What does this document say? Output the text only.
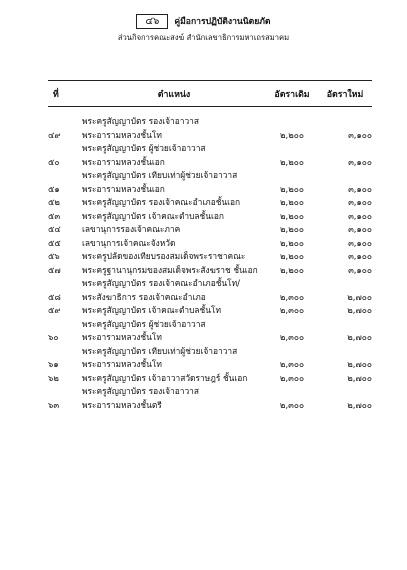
๔๖	คู่มือการปฏิบัติงานนิตยภัต
ส่วนกิจการคณะสงฆ์ สำนักเลขาธิการมหาเถรสมาคม
ที่	ตำแหน่ง	อัตราเดิม	อัตราใหม่

๔๙	พระครูสัญญาบัตร รองเจ้าอาวาส
พระอารามหลวงชั้นโท	๒,๒๐๐	๓,๑๐๐
๕๐	พระครูสัญญาบัตร ผู้ช่วยเจ้าอาวาส
พระอารามหลวงชั้นเอก	๒,๒๐๐	๓,๑๐๐
๕๑	พระครูสัญญาบัตร เทียบเท่าผู้ช่วยเจ้าอาวาส
พระอารามหลวงชั้นเอก	๒,๒๐๐	๓,๑๐๐
๕๒	พระครูสัญญาบัตร รองเจ้าคณะอำเภอชั้นเอก	๒,๒๐๐	๓,๑๐๐
๕๓	พระครูสัญญาบัตร เจ้าคณะตำบลชั้นเอก	๒,๒๐๐	๓,๑๐๐
๕๔	เลขานุการรองเจ้าคณะภาค	๒,๒๐๐	๓,๑๐๐
๕๕	เลขานุการเจ้าคณะจังหวัด	๒,๒๐๐	๓,๑๐๐
๕๖	พระครูปลัดของเทียบรองสมเด็จพระราชาคณะ	๒,๒๐๐	๓,๑๐๐
๕๗	พระครูฐานานุกรมของสมเด็จพระสังฆราช ชั้นเอก	๒,๒๐๐	๓,๑๐๐
๕๘	พระครูสัญญาบัตร รองเจ้าคณะอำเภอชั้นโท/
พระสังฆาธิการ รองเจ้าคณะอำเภอ	๒,๓๐๐	๒,๗๐๐
๕๙	พระครูสัญญาบัตร เจ้าคณะตำบลชั้นโท	๒,๓๐๐	๒,๗๐๐
๖๐	พระครูสัญญาบัตร ผู้ช่วยเจ้าอาวาส
พระอารามหลวงชั้นโท	๒,๓๐๐	๒,๗๐๐
๖๑	พระครูสัญญาบัตร เทียบเท่าผู้ช่วยเจ้าอาวาส
พระอารามหลวงชั้นโท	๒,๓๐๐	๒,๗๐๐
๖๒	พระครูสัญญาบัตร เจ้าอาวาสวัดราษฎร์ ชั้นเอก	๒,๓๐๐	๒,๗๐๐
๖๓	พระครูสัญญาบัตร รองเจ้าอาวาส
พระอารามหลวงชั้นตรี	๒,๓๐๐	๒,๗๐๐
